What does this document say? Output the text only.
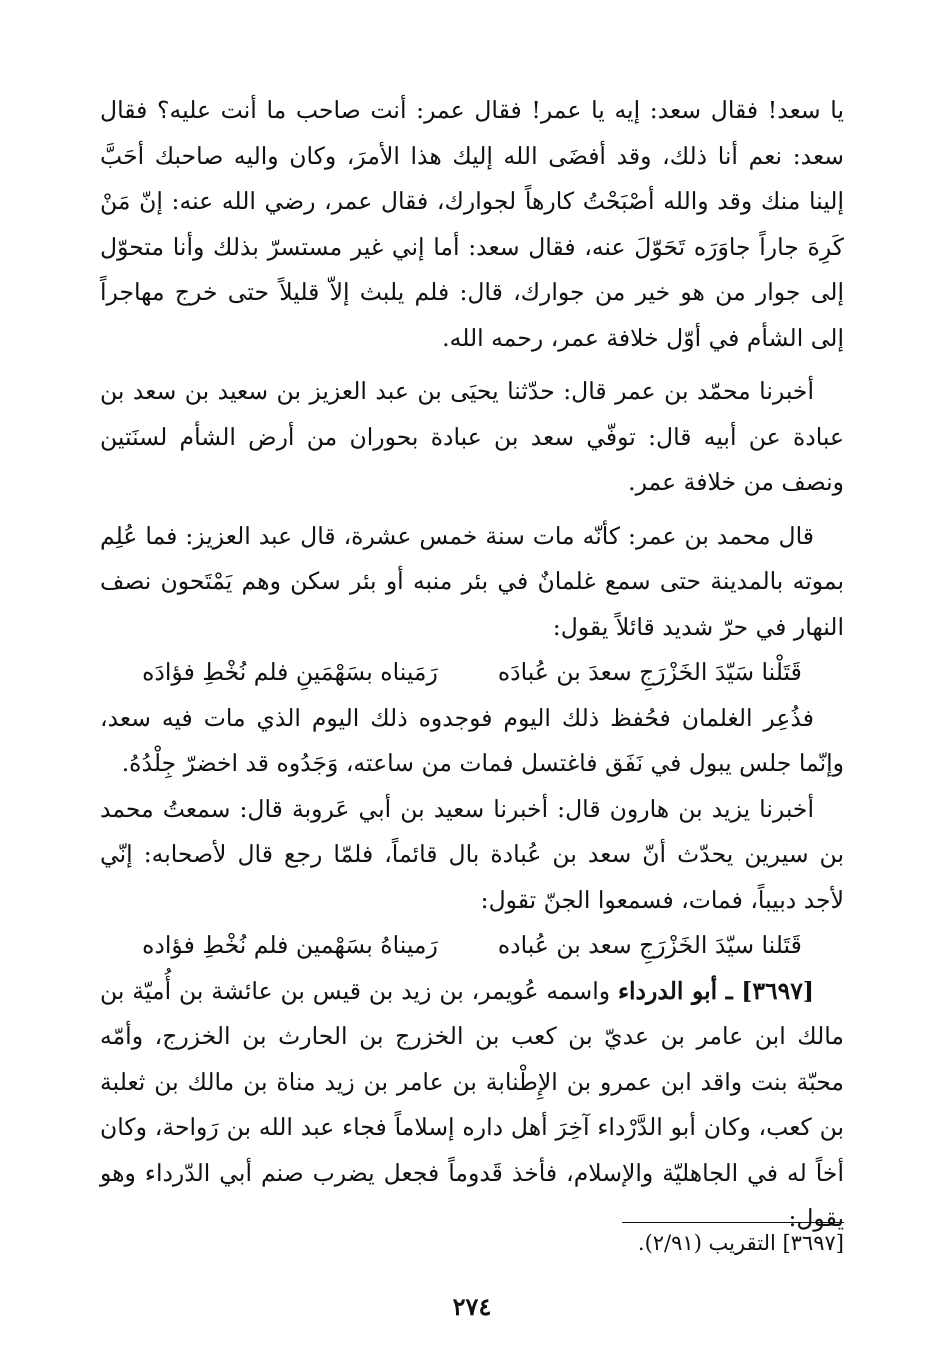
يا سعد! فقال سعد: إيه يا عمر! فقال عمر: أنت صاحب ما أنت عليه؟ فقال سعد: نعم أنا ذلك، وقد أفضَى الله إليك هذا الأمرَ، وكان واليه صاحبك أحَبَّ إلينا منك وقد والله أصْبَحْتُ كارهاً لجوارك، فقال عمر، رضي الله عنه: إنّ مَنْ كَرِهَ جاراً جاوَرَه تَحَوّلَ عنه، فقال سعد: أما إني غير مستسرّ بذلك وأنا متحوّل إلى جوار من هو خير من جوارك، قال: فلم يلبث إلاّ قليلاً حتى خرج مهاجراً إلى الشأم في أوّل خلافة عمر، رحمه الله.

أخبرنا محمّد بن عمر قال: حدّثنا يحيَى بن عبد العزيز بن سعيد بن سعد بن عبادة عن أبيه قال: توفّي سعد بن عبادة بحوران من أرض الشأم لسنَتين ونصف من خلافة عمر.

قال محمد بن عمر: كأنّه مات سنة خمس عشرة، قال عبد العزيز: فما عُلِم بموته بالمدينة حتى سمع غلمانٌ في بئر منبه أو بئر سكن وهم يَمْتَحون نصف النهار في حرّ شديد قائلاً يقول:

قَتَلْنا سَيّدَ الخَزْرَجِ سعدَ بن عُبادَه
رَمَيناه بسَهْمَينِ فلم نُخْطِ فؤادَه

فذُعِر الغلمان فحُفظ ذلك اليوم فوجدوه ذلك اليوم الذي مات فيه سعد، وإنّما جلس يبول في نَفَق فاغتسل فمات من ساعته، وَجَدُوه قد اخضرّ جِلْدُهُ.

أخبرنا يزيد بن هارون قال: أخبرنا سعيد بن أبي عَروبة قال: سمعتُ محمد بن سيرين يحدّث أنّ سعد بن عُبادة بال قائماً، فلمّا رجع قال لأصحابه: إنّي لأجد دبيباً، فمات، فسمعوا الجنّ تقول:

قَتَلنا سيّدَ الخَزْرَجِ سعد بن عُباده
رَميناهُ بسَهْمين فلم نُخْطِ فؤاده

[٣٦٩٧] ـ أبو الدرداء واسمه عُويمر، بن زيد بن قيس بن عائشة بن أُميّة بن مالك ابن عامر بن عديّ بن كعب بن الخزرج بن الحارث بن الخزرج، وأمّه محبّة بنت واقد ابن عمرو بن الإِطْنابة بن عامر بن زيد مناة بن مالك بن ثعلبة بن كعب، وكان أبو الدَّرْداء آخِرَ أهل داره إسلاماً فجاء عبد الله بن رَواحة، وكان أخاً له في الجاهليّة والإسلام، فأخذ قَدوماً فجعل يضرب صنم أبي الدّرداء وهو يقول:

[٣٦٩٧] التقريب (٢/٩١).
٢٧٤
